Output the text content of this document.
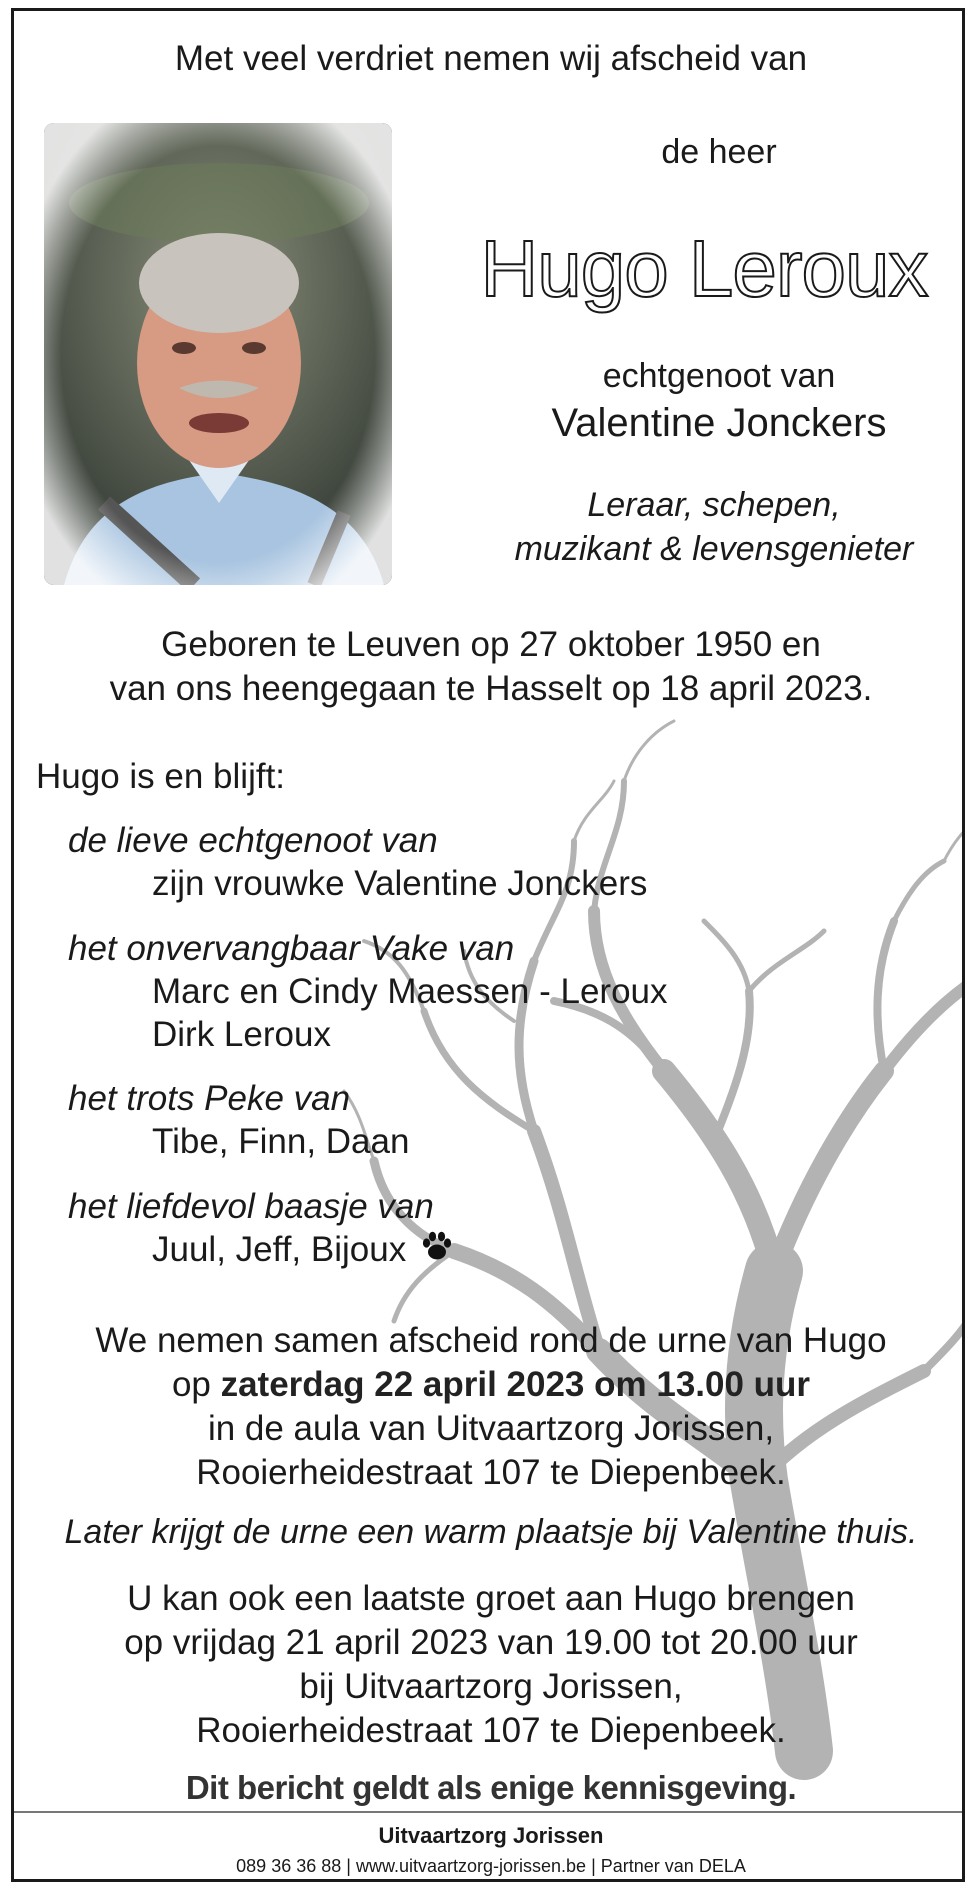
Met veel verdriet nemen wij afscheid van
de heer
Hugo Leroux
echtgenoot van
Valentine Jonckers
Leraar, schepen,
muzikant & levensgenieter
Geboren te Leuven op 27 oktober 1950 en
van ons heengegaan te Hasselt op 18 april 2023.
Hugo is en blijft:
de lieve echtgenoot van
zijn vrouwke Valentine Jonckers
het onvervangbaar Vake van
Marc en Cindy Maessen - Leroux
Dirk Leroux
het trots Peke van
Tibe, Finn, Daan
het liefdevol baasje van
Juul, Jeff, Bijoux
We nemen samen afscheid rond de urne van Hugo
op zaterdag 22 april 2023 om 13.00 uur
in de aula van Uitvaartzorg Jorissen,
Rooierheidestraat 107 te Diepenbeek.
Later krijgt de urne een warm plaatsje bij Valentine thuis.
U kan ook een laatste groet aan Hugo brengen
op vrijdag 21 april 2023 van 19.00 tot 20.00 uur
bij Uitvaartzorg Jorissen,
Rooierheidestraat 107 te Diepenbeek.
Dit bericht geldt als enige kennisgeving.
Uitvaartzorg Jorissen
089 36 36 88 | www.uitvaartzorg-jorissen.be | Partner van DELA
